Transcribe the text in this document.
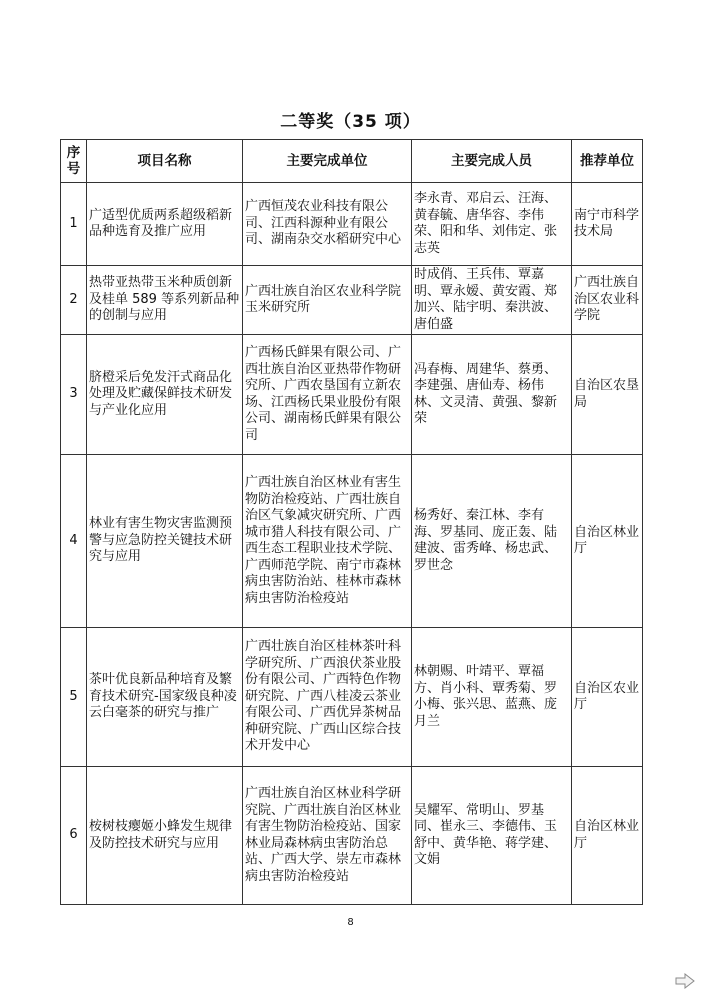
二等奖（35 项）
序号	项目名称	主要完成单位	主要完成人员	推荐单位
1	广适型优质两系超级稻新品种选育及推广应用	广西恒茂农业科技有限公司、江西科源种业有限公司、湖南杂交水稻研究中心	李永青、邓启云、汪海、黄春毓、唐华容、李伟荣、阳和华、刘伟定、张志英	南宁市科学技术局
2	热带亚热带玉米种质创新及桂单 589 等系列新品种的创制与应用	广西壮族自治区农业科学院玉米研究所	时成俏、王兵伟、覃嘉明、覃永嫒、黄安霞、郑加兴、陆宇明、秦洪波、唐伯盛	广西壮族自治区农业科学院
3	脐橙采后免发汗式商品化处理及贮藏保鲜技术研发与产业化应用	广西杨氏鲜果有限公司、广西壮族自治区亚热带作物研究所、广西农垦国有立新农场、江西杨氏果业股份有限公司、湖南杨氏鲜果有限公司	冯春梅、周建华、蔡勇、李建强、唐仙寿、杨伟林、文灵清、黄强、黎新荣	自治区农垦局
4	林业有害生物灾害监测预警与应急防控关键技术研究与应用	广西壮族自治区林业有害生物防治检疫站、广西壮族自治区气象减灾研究所、广西城市猎人科技有限公司、广西生态工程职业技术学院、广西师范学院、南宁市森林病虫害防治站、桂林市森林病虫害防治检疫站	杨秀好、秦江林、李有海、罗基同、庞正轰、陆建波、雷秀峰、杨忠武、罗世念	自治区林业厅
5	茶叶优良新品种培育及繁育技术研究-国家级良种凌云白毫茶的研究与推广	广西壮族自治区桂林茶叶科学研究所、广西浪伏茶业股份有限公司、广西特色作物研究院、广西八桂凌云茶业有限公司、广西优异茶树品种研究院、广西山区综合技术开发中心	林朝赐、叶靖平、覃福方、肖小科、覃秀菊、罗小梅、张兴思、蓝燕、庞月兰	自治区农业厅
6	桉树枝瘿姬小蜂发生规律及防控技术研究与应用	广西壮族自治区林业科学研究院、广西壮族自治区林业有害生物防治检疫站、国家林业局森林病虫害防治总站、广西大学、崇左市森林病虫害防治检疫站	吴耀军、常明山、罗基同、崔永三、李德伟、玉舒中、黄华艳、蒋学建、文娟	自治区林业厅
8
